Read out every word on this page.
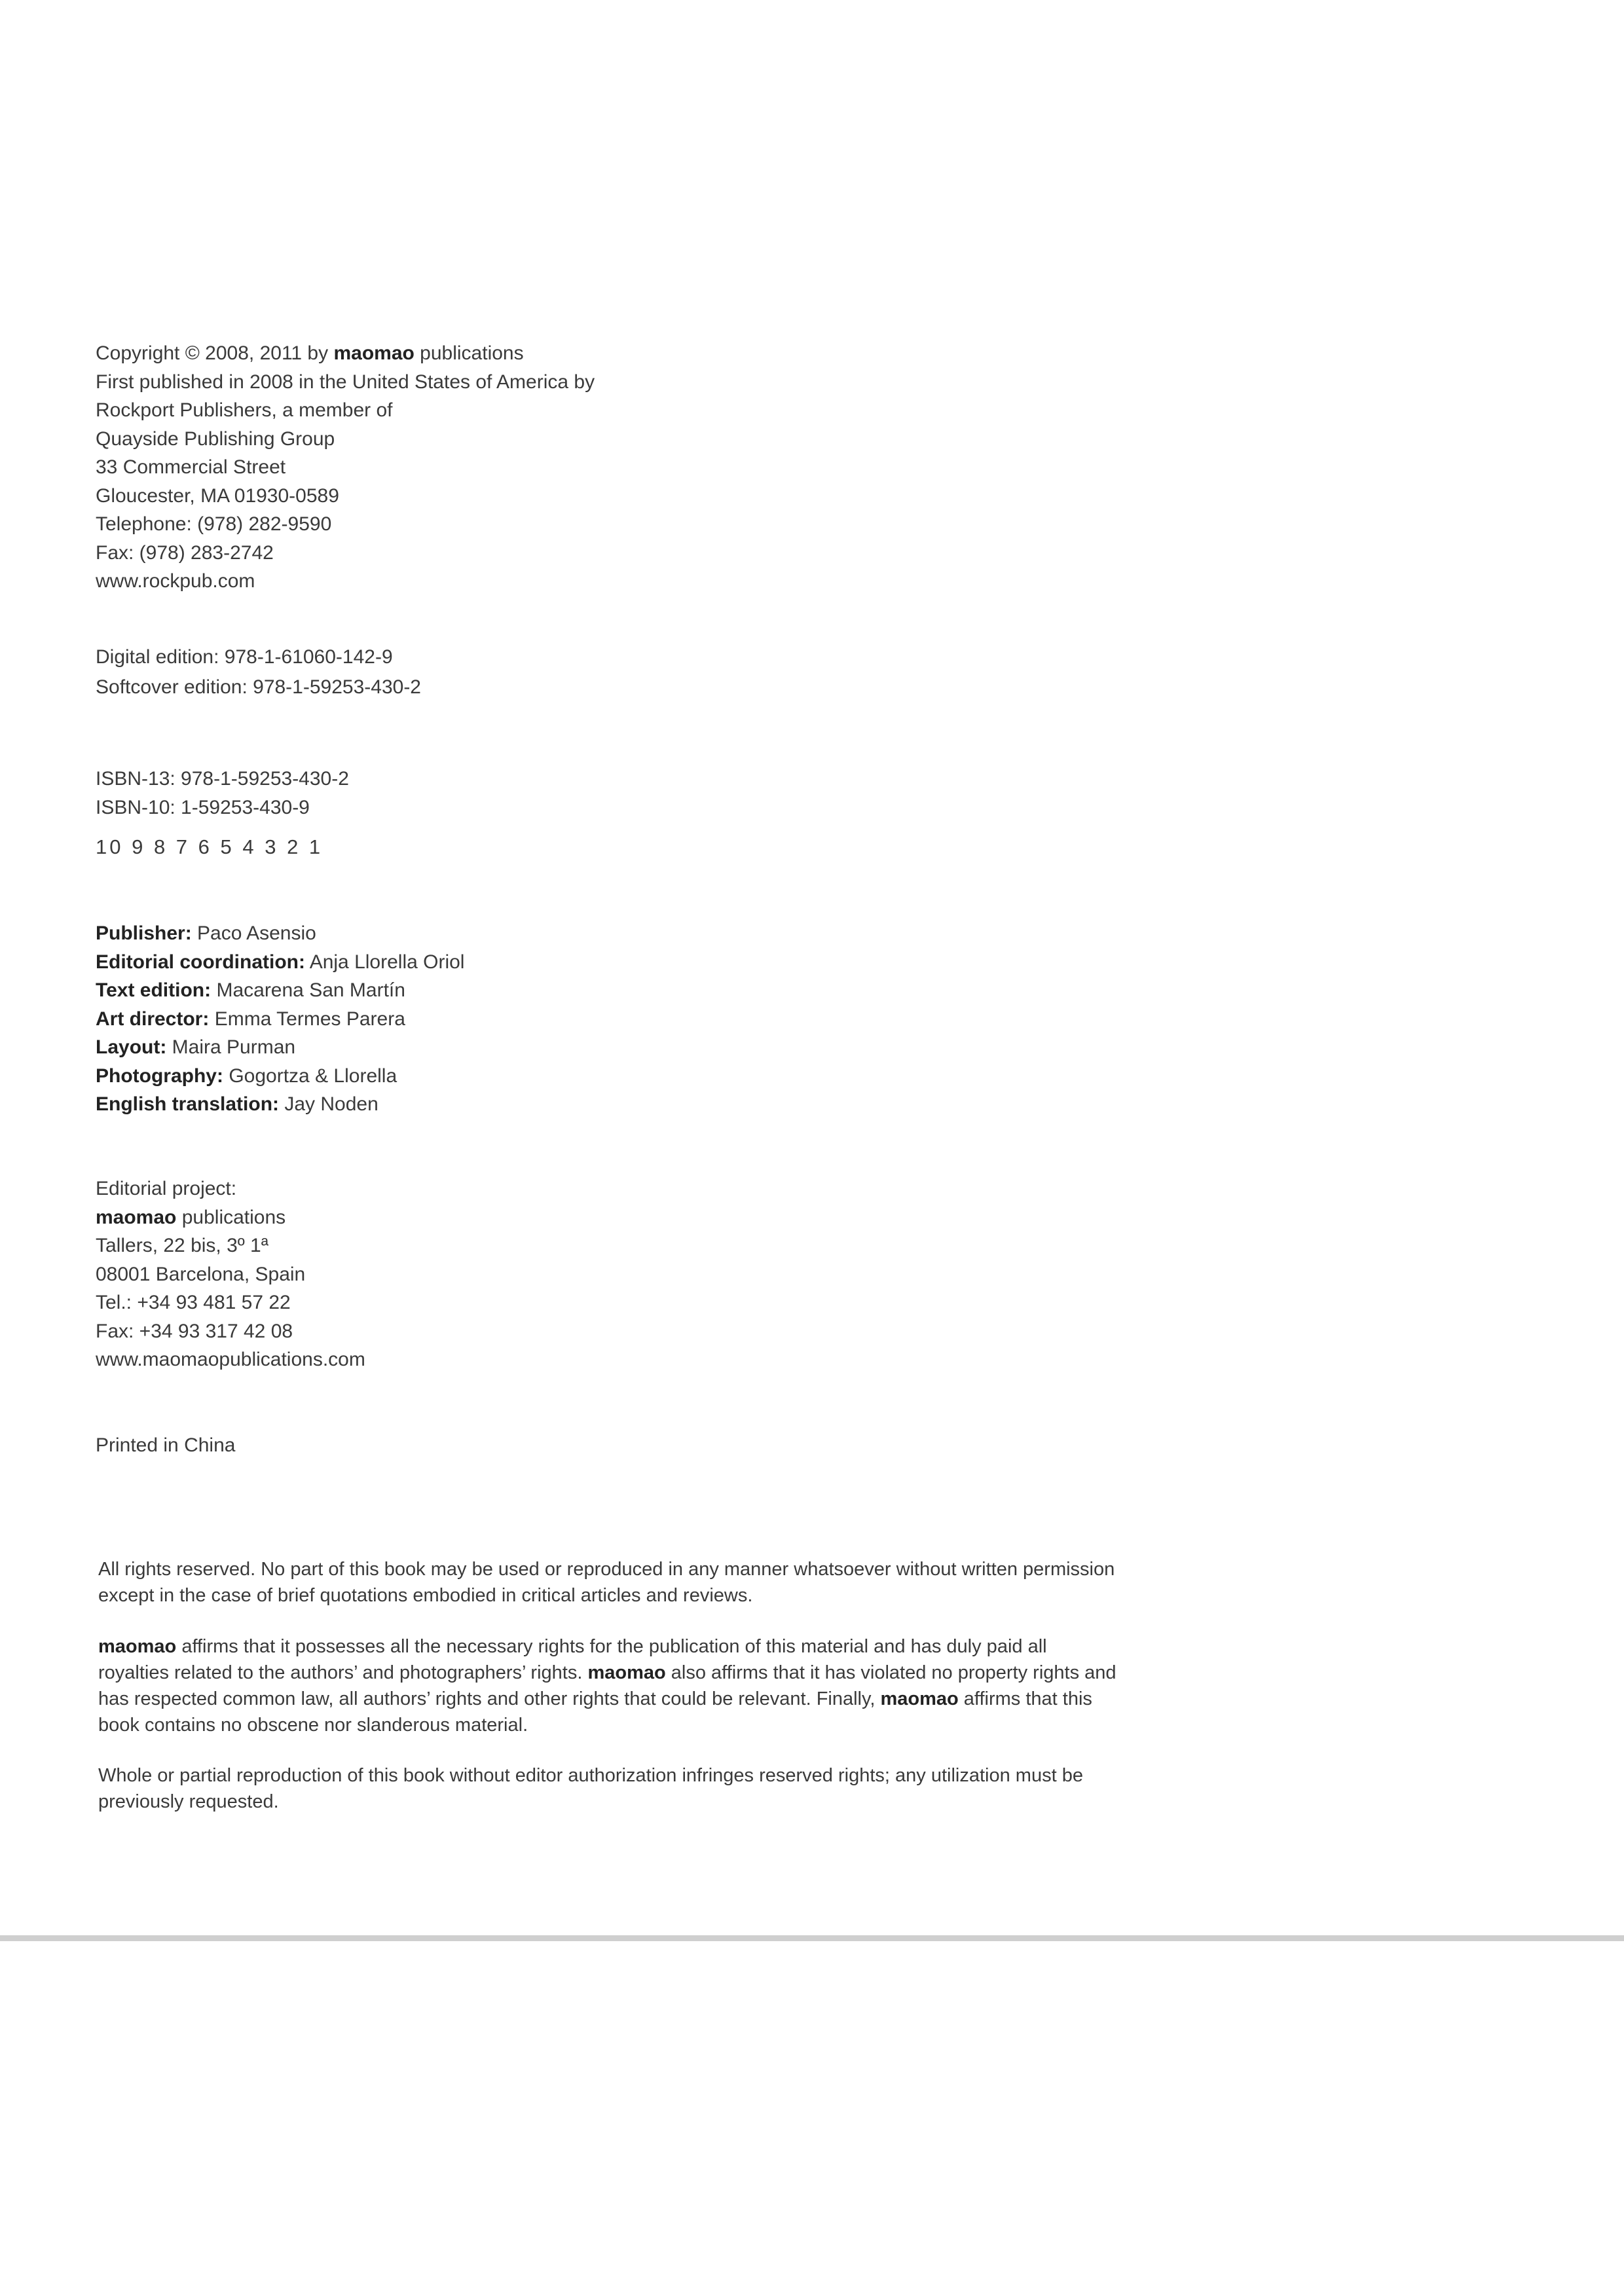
Copyright © 2008, 2011 by maomao publications
First published in 2008 in the United States of America by
Rockport Publishers, a member of
Quayside Publishing Group
33 Commercial Street
Gloucester, MA 01930-0589
Telephone: (978) 282-9590
Fax: (978) 283-2742
www.rockpub.com
Digital edition: 978-1-61060-142-9
Softcover edition: 978-1-59253-430-2
ISBN-13: 978-1-59253-430-2
ISBN-10: 1-59253-430-9
10 9 8 7 6 5 4 3 2 1
Publisher: Paco Asensio
Editorial coordination: Anja Llorella Oriol
Text edition: Macarena San Martín
Art director: Emma Termes Parera
Layout: Maira Purman
Photography: Gogortza & Llorella
English translation: Jay Noden
Editorial project:
maomao publications
Tallers, 22 bis, 3º 1ª
08001 Barcelona, Spain
Tel.: +34 93 481 57 22
Fax: +34 93 317 42 08
www.maomaopublications.com
Printed in China

All rights reserved. No part of this book may be used or reproduced in any manner whatsoever without written permission except in the case of brief quotations embodied in critical articles and reviews.

maomao affirms that it possesses all the necessary rights for the publication of this material and has duly paid all royalties related to the authors’ and photographers’ rights. maomao also affirms that it has violated no property rights and has respected common law, all authors’ rights and other rights that could be relevant. Finally, maomao affirms that this book contains no obscene nor slanderous material.

Whole or partial reproduction of this book without editor authorization infringes reserved rights; any utilization must be previously requested.
